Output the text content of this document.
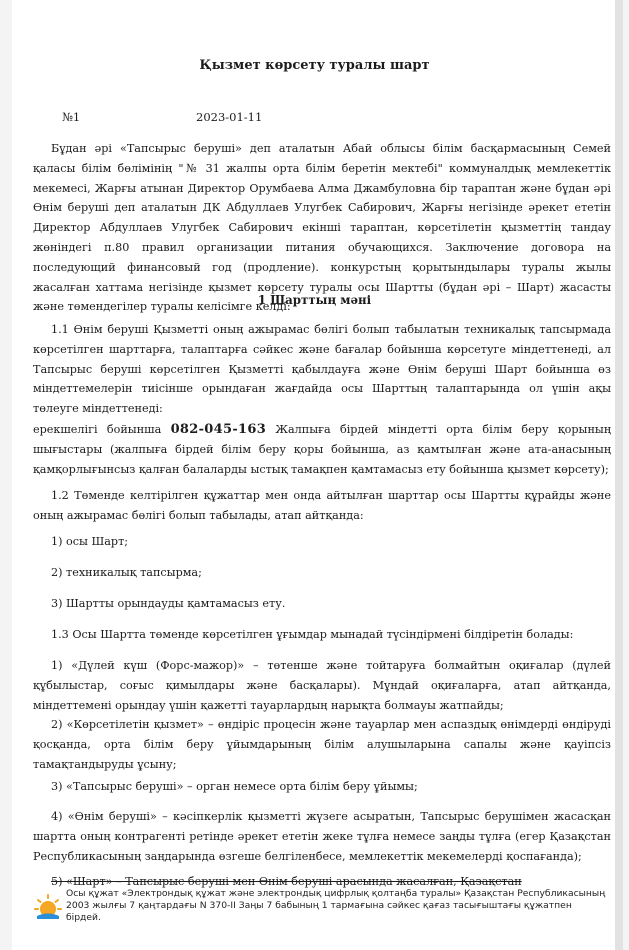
Қызмет көрсету туралы шарт
№1	2023-01-11
Бұдан әрі «Тапсырыс беруші» деп аталатын Абай облысы білім басқармасының Семей қаласы білім бөлімінің "№ 31 жалпы орта білім беретін мектебі" коммуналдық мемлекеттік мекемесі, Жарғы атынан Директор Орумбаева Алма Джамбуловна бір тараптан және бұдан әрі Өнім беруші деп аталатын ДК Абдуллаев Улугбек Сабирович, Жарғы негізінде әрекет ететін Директор Абдуллаев Улугбек Сабирович екінші тараптан, көрсетілетін қызметтің тандау жөніндегі п.80 правил организации питания обучающихся. Заключение договора на последующий финансовый год (продление). конкурстың қорытындылары туралы жылы жасалған хаттама негізінде қызмет көрсету туралы осы Шартты (бұдан әрі – Шарт) жасасты және төмендегілер туралы келісімге келді:
1 Шарттың мәні
1.1 Өнім беруші Қызметті оның ажырамас бөлігі болып табылатын техникалық тапсырмада көрсетілген шарттарға, талаптарға сәйкес және бағалар бойынша көрсетуге міндеттенеді, ал Тапсырыс беруші көрсетілген Қызметті қабылдауға және Өнім беруші Шарт бойынша өз міндеттемелерін тиісінше орындаған жағдайда осы Шарттың талаптарында ол үшін ақы төлеуге міндеттенеді:
ерекшелігі бойынша 082-045-163 Жалпыға бірдей міндетті орта білім беру қорының шығыстары (жалпыға бірдей білім беру қоры бойынша, аз қамтылған және ата-анасының қамқорлығынсыз қалған балаларды ыстық тамақпен қамтамасыз ету бойынша қызмет көрсету);
1.2 Төменде келтірілген құжаттар мен онда айтылған шарттар осы Шартты құрайды және оның ажырамас бөлігі болып табылады, атап айтқанда:
1) осы Шарт;
2) техникалық тапсырма;
3) Шартты орындауды қамтамасыз ету.
1.3 Осы Шартта төменде көрсетілген ұғымдар мынадай түсіндірмені білдіретін болады:
1) «Дүлей күш (Форс-мажор)» – төтенше және тойтаруға болмайтын оқиғалар (дүлей құбылыстар, соғыс қимылдары және басқалары). Мұндай оқиғаларға, атап айтқанда, міндеттемені орындау үшін қажетті тауарлардың нарықта болмауы жатпайды;
2) «Көрсетілетін қызмет» – өндіріс процесін және тауарлар мен аспаздық өнімдерді өндіруді қосқанда, орта білім беру ұйымдарының білім алушыларына сапалы және қауіпсіз тамақтандыруды ұсыну;
3) «Тапсырыс беруші» – орган немесе орта білім беру ұйымы;
4) «Өнім беруші» – кәсіпкерлік қызметті жүзеге асыратын, Тапсырыс берушімен жасасқан шартта оның контрагенті ретінде әрекет ететін жеке тұлға немесе заңды тұлға (егер Қазақстан Республикасының заңдарында өзгеше белгіленбесе, мемлекеттік мекемелерді қоспағанда);
5) «Шарт» – Тапсырыс беруші мен Өнім беруші арасында жасалған, Қазақстан
Осы құжат «Электрондық құжат және электрондық цифрлық қолтаңба туралы» Қазақстан Республикасының 2003 жылғы 7 қаңтардағы N 370-II Заңы 7 бабының 1 тармағына сәйкес қағаз тасығыштағы құжатпен бірдей.
